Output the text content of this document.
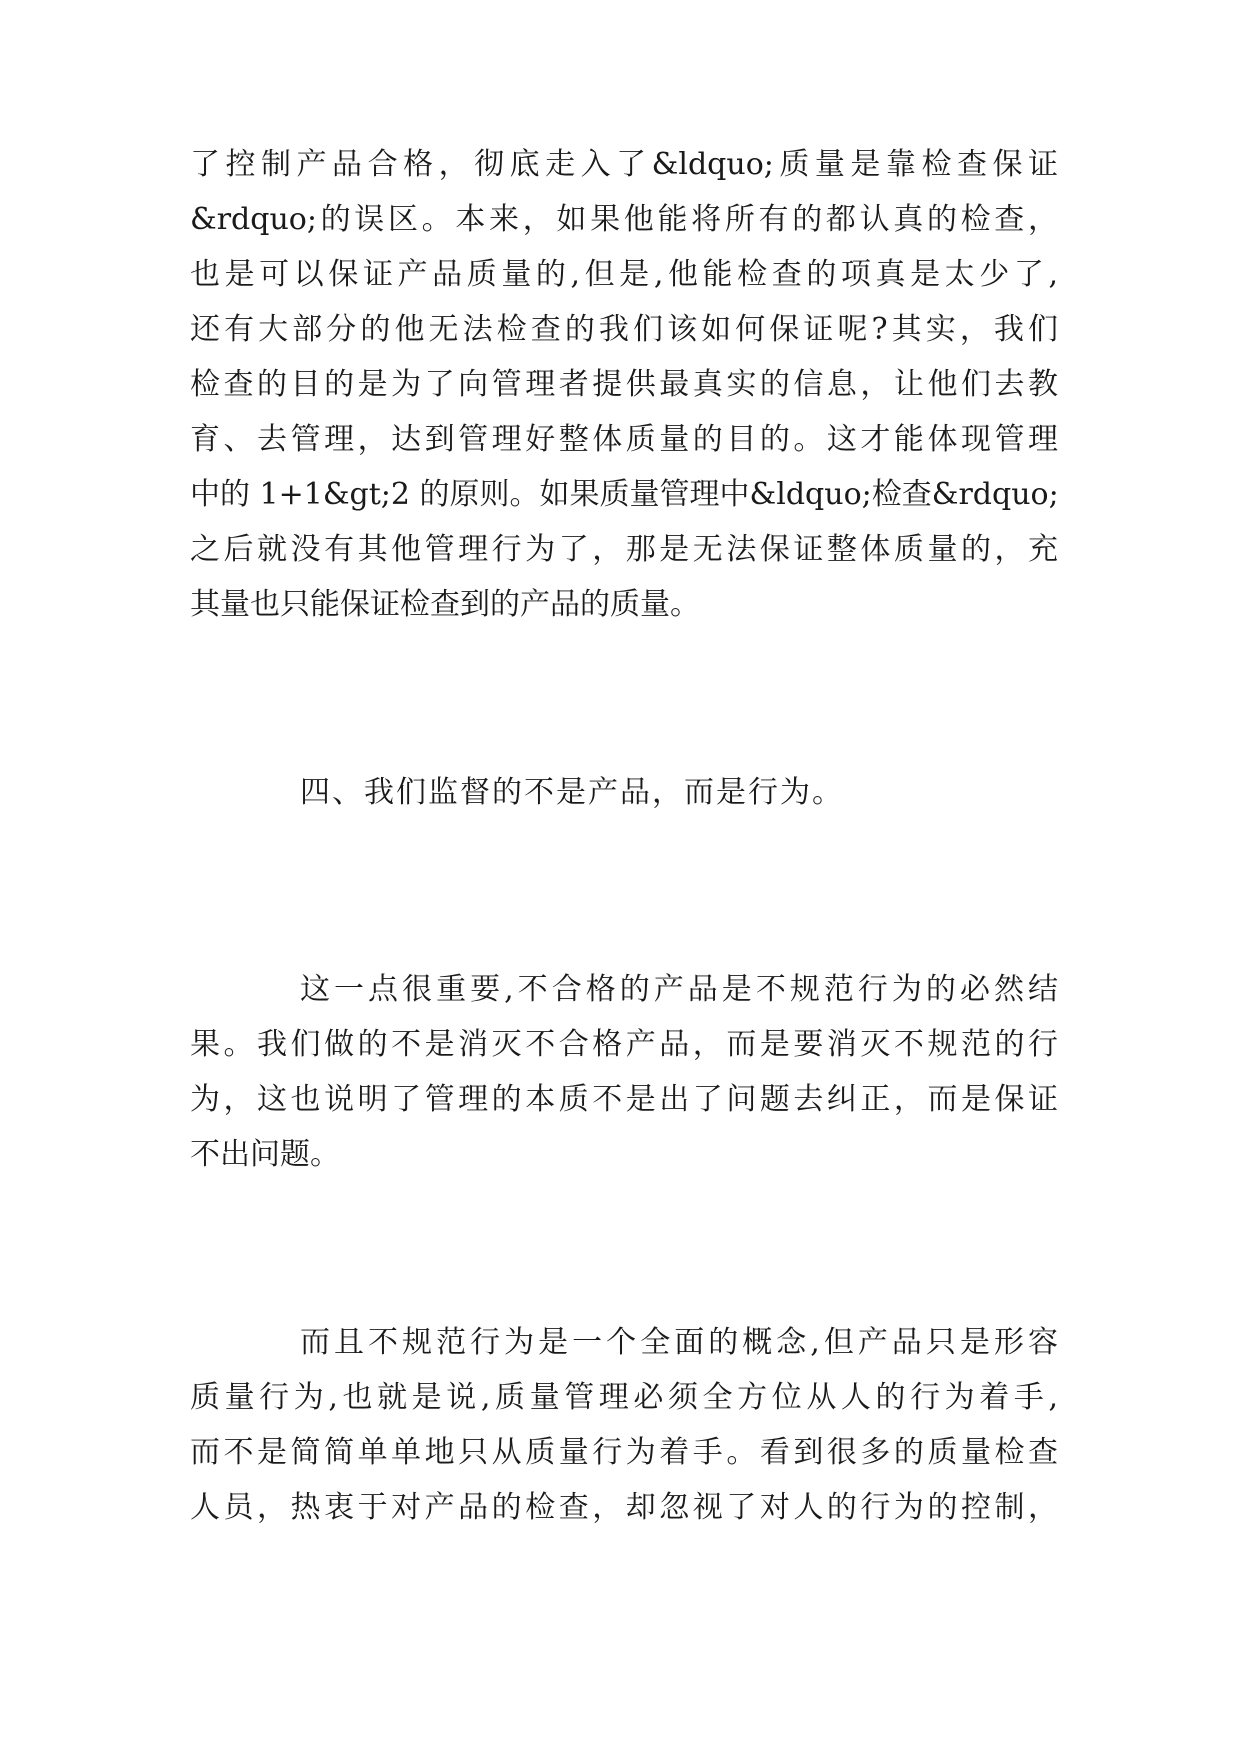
了控制产品合格，彻底走入了&ldquo;质量是靠检查保证
&rdquo;的误区。本来，如果他能将所有的都认真的检查，
也是可以保证产品质量的,但是,他能检查的项真是太少了,
还有大部分的他无法检查的我们该如何保证呢?其实，我们
检查的目的是为了向管理者提供最真实的信息，让他们去教
育、去管理，达到管理好整体质量的目的。这才能体现管理
中的 1+1&gt;2 的原则。如果质量管理中&ldquo;检查&rdquo;
之后就没有其他管理行为了，那是无法保证整体质量的，充
其量也只能保证检查到的产品的质量。
四、我们监督的不是产品，而是行为。
这一点很重要,不合格的产品是不规范行为的必然结
果。我们做的不是消灭不合格产品，而是要消灭不规范的行
为，这也说明了管理的本质不是出了问题去纠正，而是保证
不出问题。
而且不规范行为是一个全面的概念,但产品只是形容
质量行为,也就是说,质量管理必须全方位从人的行为着手,
而不是简简单单地只从质量行为着手。看到很多的质量检查
人员，热衷于对产品的检查，却忽视了对人的行为的控制，
